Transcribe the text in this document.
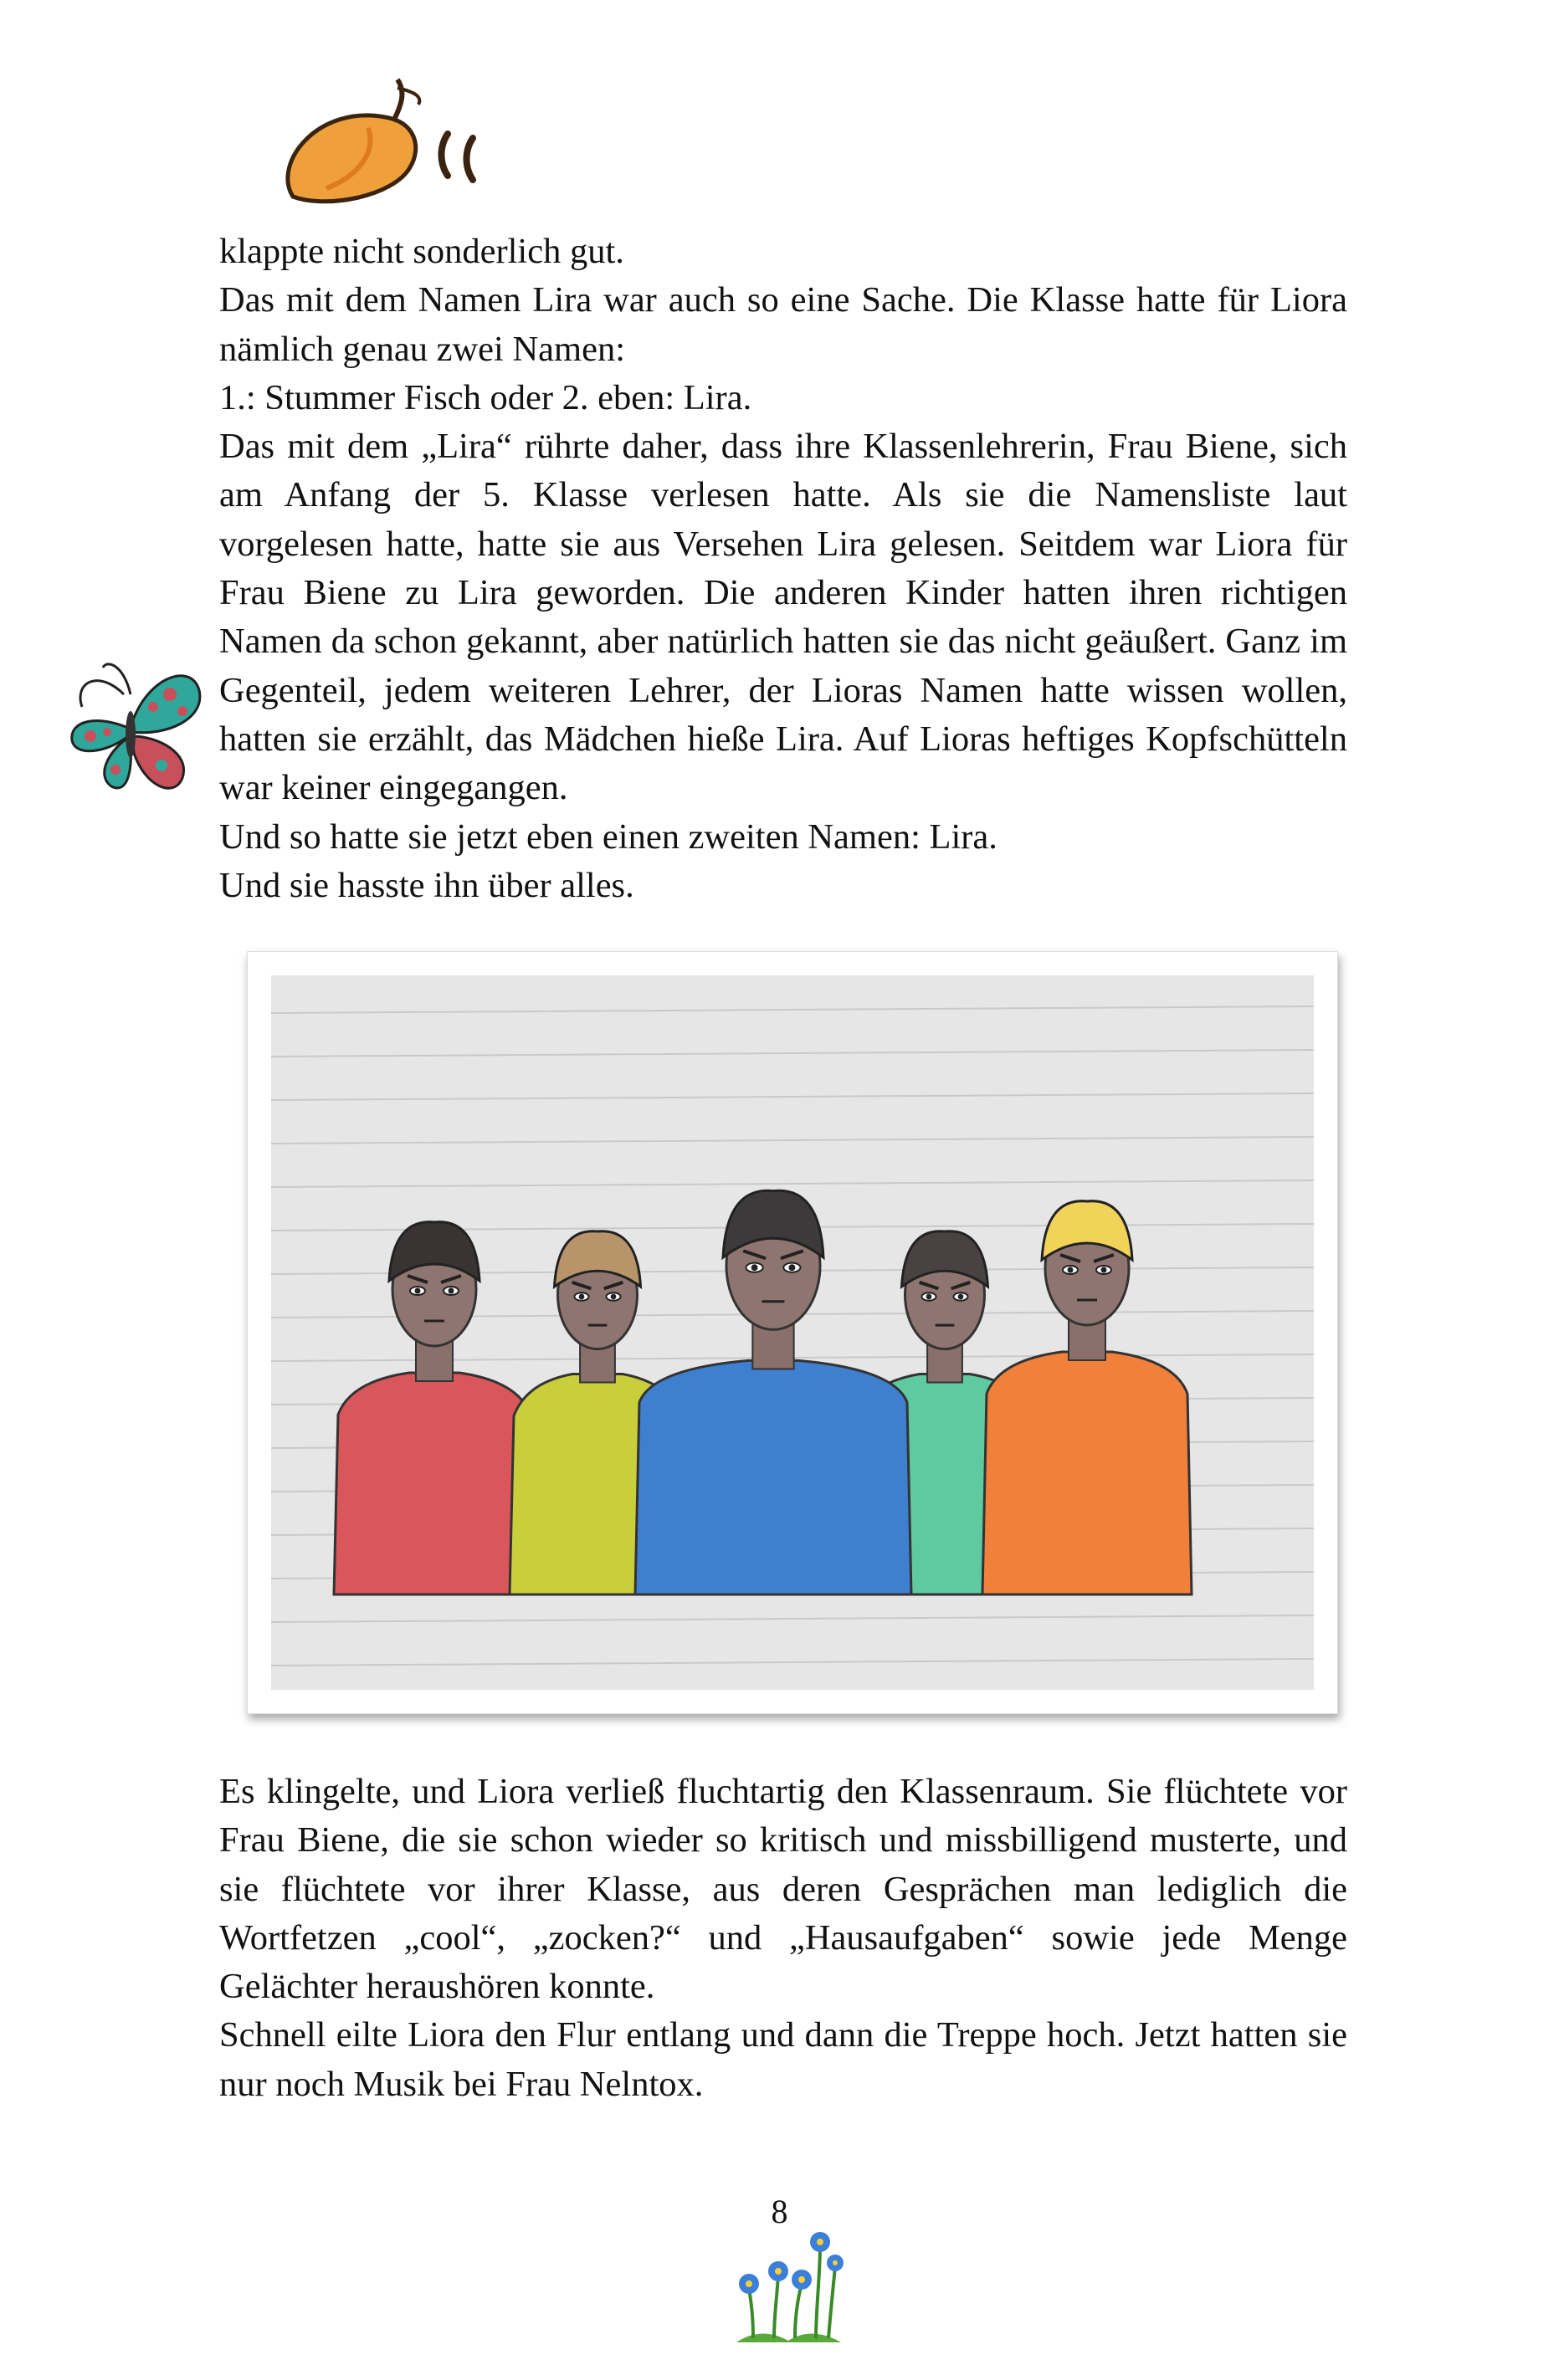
klappte nicht sonderlich gut.

Das mit dem Namen Lira war auch so eine Sache. Die Klasse hatte für Liora nämlich genau zwei Namen:

1.: Stummer Fisch oder 2. eben: Lira.

Das mit dem „Lira“ rührte daher, dass ihre Klassenlehrerin, Frau Biene, sich am Anfang der 5. Klasse verlesen hatte. Als sie die Namensliste laut vorgelesen hatte, hatte sie aus Versehen Lira gelesen. Seitdem war Liora für Frau Biene zu Lira geworden. Die anderen Kinder hatten ihren richtigen Namen da schon gekannt, aber natürlich hatten sie das nicht geäußert. Ganz im Gegenteil, jedem weiteren Lehrer, der Lioras Namen hatte wissen wollen, hatten sie erzählt, das Mädchen hieße Lira. Auf Lioras heftiges Kopfschütteln war keiner eingegangen.

Und so hatte sie jetzt eben einen zweiten Namen: Lira.

Und sie hasste ihn über alles.

Es klingelte, und Liora verließ fluchtartig den Klassenraum. Sie flüchtete vor Frau Biene, die sie schon wieder so kritisch und missbilligend musterte, und sie flüchtete vor ihrer Klasse, aus deren Gesprächen man lediglich die Wortfetzen „cool“, „zocken?“ und „Hausaufgaben“ sowie jede Menge Gelächter heraushören konnte.

Schnell eilte Liora den Flur entlang und dann die Treppe hoch. Jetzt hatten sie nur noch Musik bei Frau Nelntox.

8
